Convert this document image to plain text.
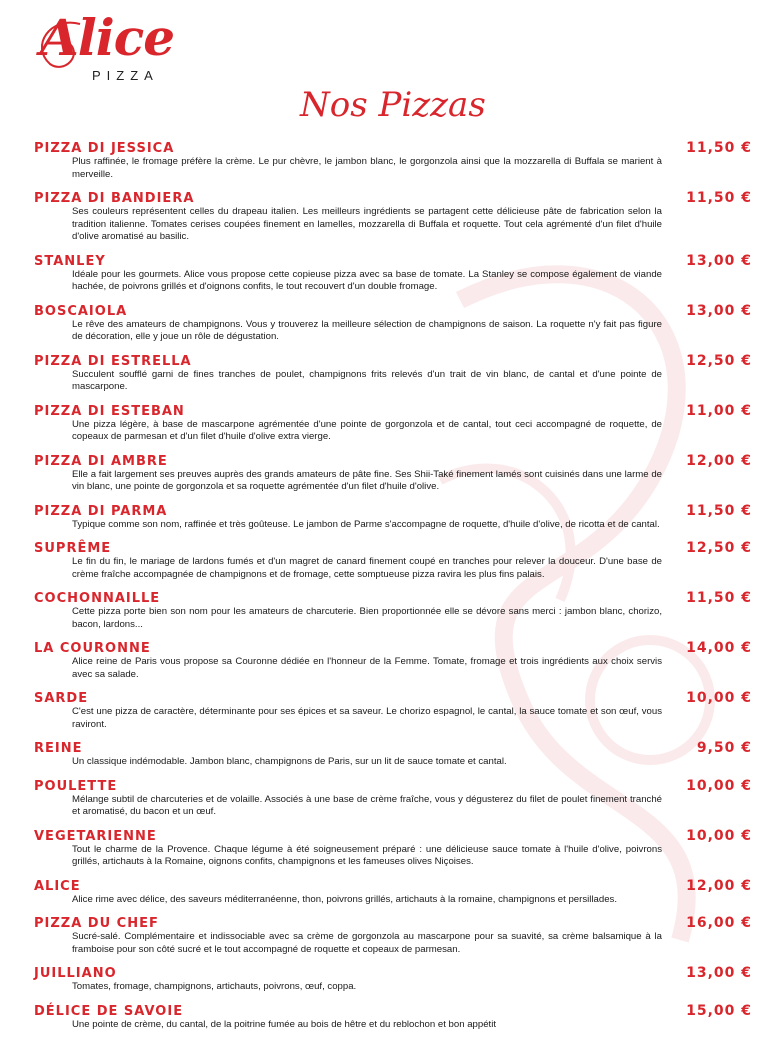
Alice
PIZZA
Nos Pizzas
PIZZA DI JESSICA	11,50 €
Plus raffinée, le fromage préfère la crème. Le pur chèvre, le jambon blanc, le gorgonzola ainsi que la mozzarella di Buffala se marient à merveille.
PIZZA DI BANDIERA	11,50 €
Ses couleurs représentent celles du drapeau italien. Les meilleurs ingrédients se partagent cette délicieuse pâte de fabrication selon la tradition italienne. Tomates cerises coupées finement en lamelles, mozzarella di Buffala et roquette. Tout cela agrémenté d'un filet d'huile d'olive aromatisé au basilic.
STANLEY	13,00 €
Idéale pour les gourmets. Alice vous propose cette copieuse pizza avec sa base de tomate. La Stanley se compose également de viande hachée, de poivrons grillés et d'oignons confits, le tout recouvert d'un double fromage.
BOSCAIOLA	13,00 €
Le rêve des amateurs de champignons. Vous y trouverez la meilleure sélection de champignons de saison. La roquette n'y fait pas figure de décoration, elle y joue un rôle de dégustation.
PIZZA DI ESTRELLA	12,50 €
Succulent soufflé garni de fines tranches de poulet, champignons frits relevés d'un trait de vin blanc, de cantal et d'une pointe de mascarpone.
PIZZA DI ESTEBAN	11,00 €
Une pizza légère, à base de mascarpone agrémentée d'une pointe de gorgonzola et de cantal, tout ceci accompagné de roquette, de copeaux de parmesan et d'un filet d'huile d'olive extra vierge.
PIZZA DI AMBRE	12,00 €
Elle a fait largement ses preuves auprès des grands amateurs de pâte fine. Ses Shii-Také finement lamés sont cuisinés dans une larme de vin blanc, une pointe de gorgonzola et sa roquette agrémentée d'un filet d'huile d'olive.
PIZZA DI PARMA	11,50 €
Typique comme son nom, raffinée et très goûteuse. Le jambon de Parme s'accompagne de roquette, d'huile d'olive, de ricotta et de cantal.
SUPRÊME	12,50 €
Le fin du fin, le mariage de lardons fumés et d'un magret de canard finement coupé en tranches pour relever la douceur. D'une base de crème fraîche accompagnée de champignons et de fromage, cette somptueuse pizza ravira les plus fins palais.
COCHONNAILLE	11,50 €
Cette pizza porte bien son nom pour les amateurs de charcuterie. Bien proportionnée elle se dévore sans merci : jambon blanc, chorizo, bacon, lardons...
LA COURONNE	14,00 €
Alice reine de Paris vous propose sa Couronne dédiée en l'honneur de la Femme. Tomate, fromage et trois ingrédients aux choix servis avec sa salade.
SARDE	10,00 €
C'est une pizza de caractère, déterminante pour ses épices et sa saveur. Le chorizo espagnol, le cantal, la sauce tomate et son œuf, vous raviront.
REINE	9,50 €
Un classique indémodable. Jambon blanc, champignons de Paris, sur un lit de sauce tomate et cantal.
POULETTE	10,00 €
Mélange subtil de charcuteries et de volaille. Associés à une base de crème fraîche, vous y dégusterez du filet de poulet finement tranché et aromatisé, du bacon et un œuf.
VEGETARIENNE	10,00 €
Tout le charme de la Provence. Chaque légume à été soigneusement préparé : une délicieuse sauce tomate à l'huile d'olive, poivrons grillés, artichauts à la Romaine, oignons confits, champignons et les fameuses olives Niçoises.
ALICE	12,00 €
Alice rime avec délice, des saveurs méditerranéenne, thon, poivrons grillés, artichauts à la romaine, champignons et persillades.
PIZZA DU CHEF	16,00 €
Sucré-salé. Complémentaire et indissociable avec sa crème de gorgonzola au mascarpone pour sa suavité, sa crème balsamique à la framboise pour son côté sucré et le tout accompagné de roquette et copeaux de parmesan.
JUILLIANO	13,00 €
Tomates, fromage, champignons, artichauts, poivrons, œuf, coppa.
DÉLICE DE SAVOIE	15,00 €
Une pointe de crème, du cantal, de la poitrine fumée au bois de hêtre et du reblochon et bon appétit
